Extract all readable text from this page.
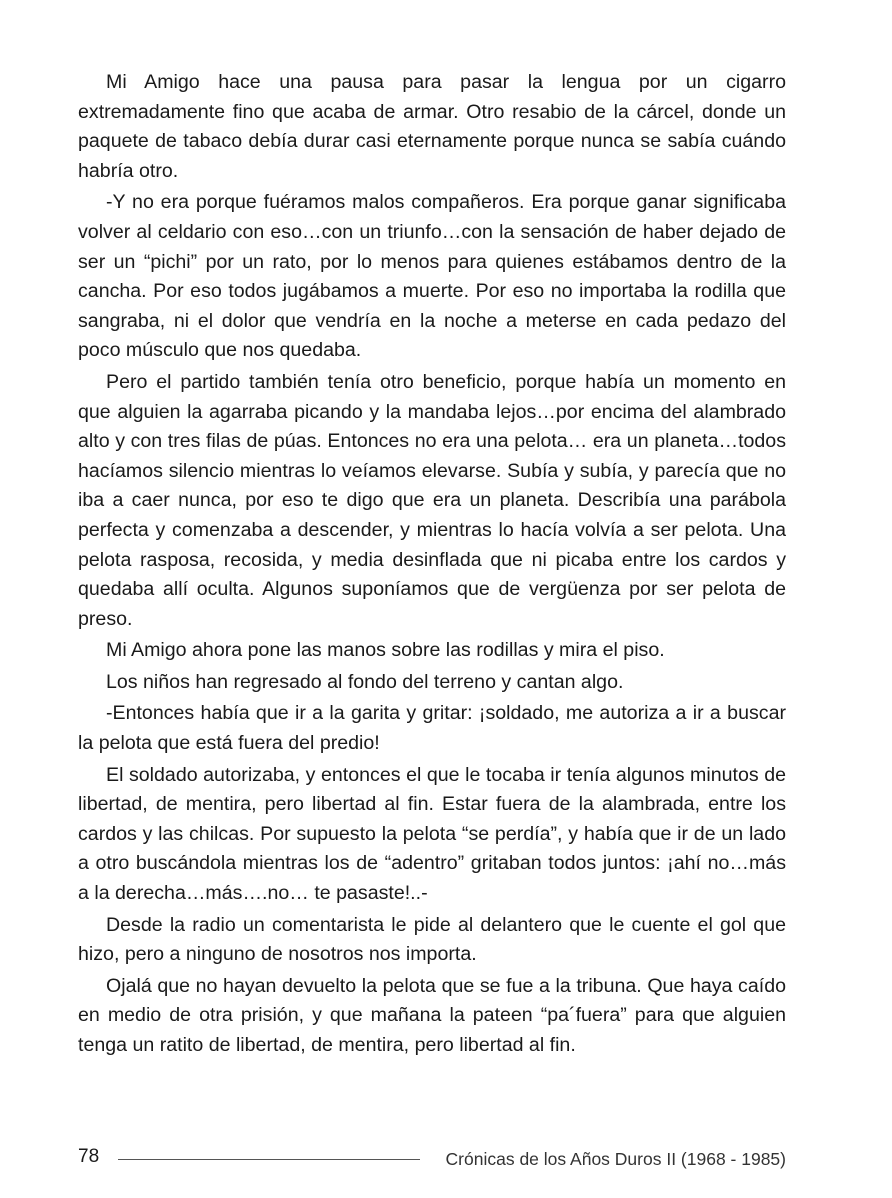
Mi Amigo hace una pausa para pasar la lengua por un cigarro extremadamente fino que acaba de armar. Otro resabio de la cárcel, donde un paquete de tabaco debía durar casi eternamente porque nunca se sabía cuándo habría otro.

-Y no era porque fuéramos malos compañeros. Era porque ganar significaba volver al celdario con eso…con un triunfo…con la sensación de haber dejado de ser un “pichi” por un rato, por lo menos para quienes estábamos dentro de la cancha. Por eso todos jugábamos a muerte. Por eso no importaba la rodilla que sangraba, ni el dolor que vendría en la noche a meterse en cada pedazo del poco músculo que nos quedaba.

Pero el partido también tenía otro beneficio, porque había un momento en que alguien la agarraba picando y la mandaba lejos…por encima del alambrado alto y con tres filas de púas. Entonces no era una pelota… era un planeta…todos hacíamos silencio mientras lo veíamos elevarse. Subía y subía, y parecía que no iba a caer nunca, por eso te digo que era un planeta. Describía una parábola perfecta y comenzaba a descender, y mientras lo hacía volvía a ser pelota. Una pelota rasposa, recosida, y media desinflada que ni picaba entre los cardos y quedaba allí oculta. Algunos suponíamos que de vergüenza por ser pelota de preso.

Mi Amigo ahora pone las manos sobre las rodillas y mira el piso.

Los niños han regresado al fondo del terreno y cantan algo.

-Entonces había que ir a la garita y gritar: ¡soldado, me autoriza a ir a buscar la pelota que está fuera del predio!

El soldado autorizaba, y entonces el que le tocaba ir tenía algunos minutos de libertad, de mentira, pero libertad al fin. Estar fuera de la alambrada, entre los cardos y las chilcas. Por supuesto la pelota “se perdía”, y había que ir de un lado a otro buscándola mientras los de “adentro” gritaban todos juntos: ¡ahí no…más a la derecha…más….no… te pasaste!..-

Desde la radio un comentarista le pide al delantero que le cuente el gol que hizo, pero a ninguno de nosotros nos importa.

Ojalá que no hayan devuelto la pelota que se fue a la tribuna. Que haya caído en medio de otra prisión, y que mañana la pateen “pa´fuera” para que alguien tenga un ratito de libertad, de mentira, pero libertad al fin.

78	Crónicas de los Años Duros II (1968 - 1985)
